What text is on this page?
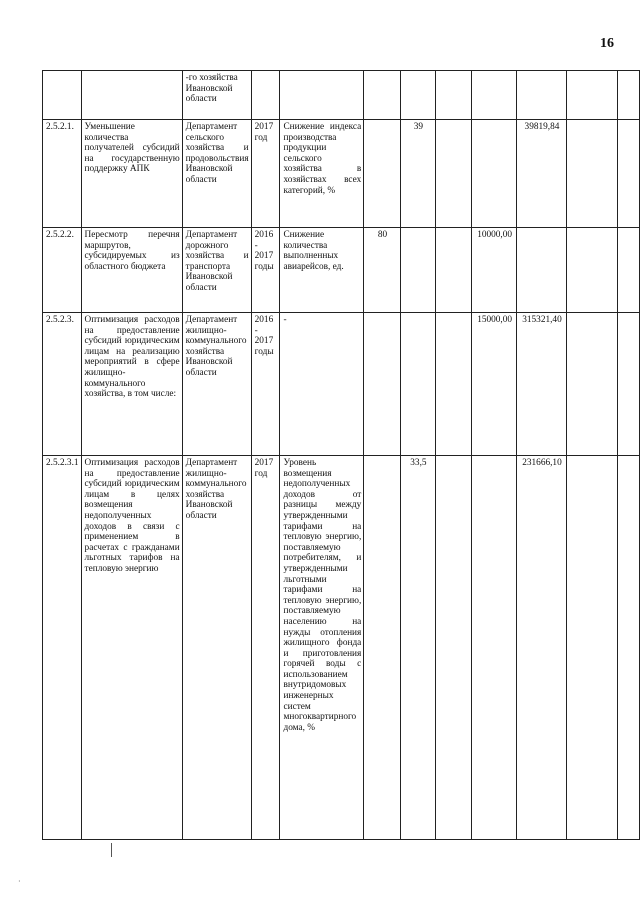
16
		-го хозяйства Ивановской области									
2.5.2.1.	Уменьшение количества получателей субсидий на государственную поддержку АПК	Департамент сельского хозяйства и продовольствия Ивановской области	2017 год	Снижение индекса производства продукции сельского хозяйства в хозяйствах всех категорий, %		39			39819,84		
2.5.2.2.	Пересмотр перечня маршрутов, субсидируемых из областного бюджета	Департамент дорожного хозяйства и транспорта Ивановской области	2016 - 2017 годы	Снижение количества выполненных авиарейсов, ед.	80			10000,00			
2.5.2.3.	Оптимизация расходов на предоставление субсидий юридическим лицам на реализацию мероприятий в сфере жилищно-коммунального хозяйства, в том числе:	Департамент жилищно-коммунального хозяйства Ивановской области	2016 - 2017 годы	-				15000,00	315321,40		
2.5.2.3.1	Оптимизация расходов на предоставление субсидий юридическим лицам в целях возмещения недополученных доходов в связи с применением в расчетах с гражданами льготных тарифов на тепловую энергию	Департамент жилищно-коммунального хозяйства Ивановской области	2017 год	Уровень возмещения недополученных доходов от разницы между утвержденными тарифами на тепловую энергию, поставляемую потребителям, и утвержденными льготными тарифами на тепловую энергию, поставляемую населению на нужды отопления жилищного фонда и приготовления горячей воды с использованием внутридомовых инженерных систем многоквартирного дома, %		33,5			231666,10		
·
